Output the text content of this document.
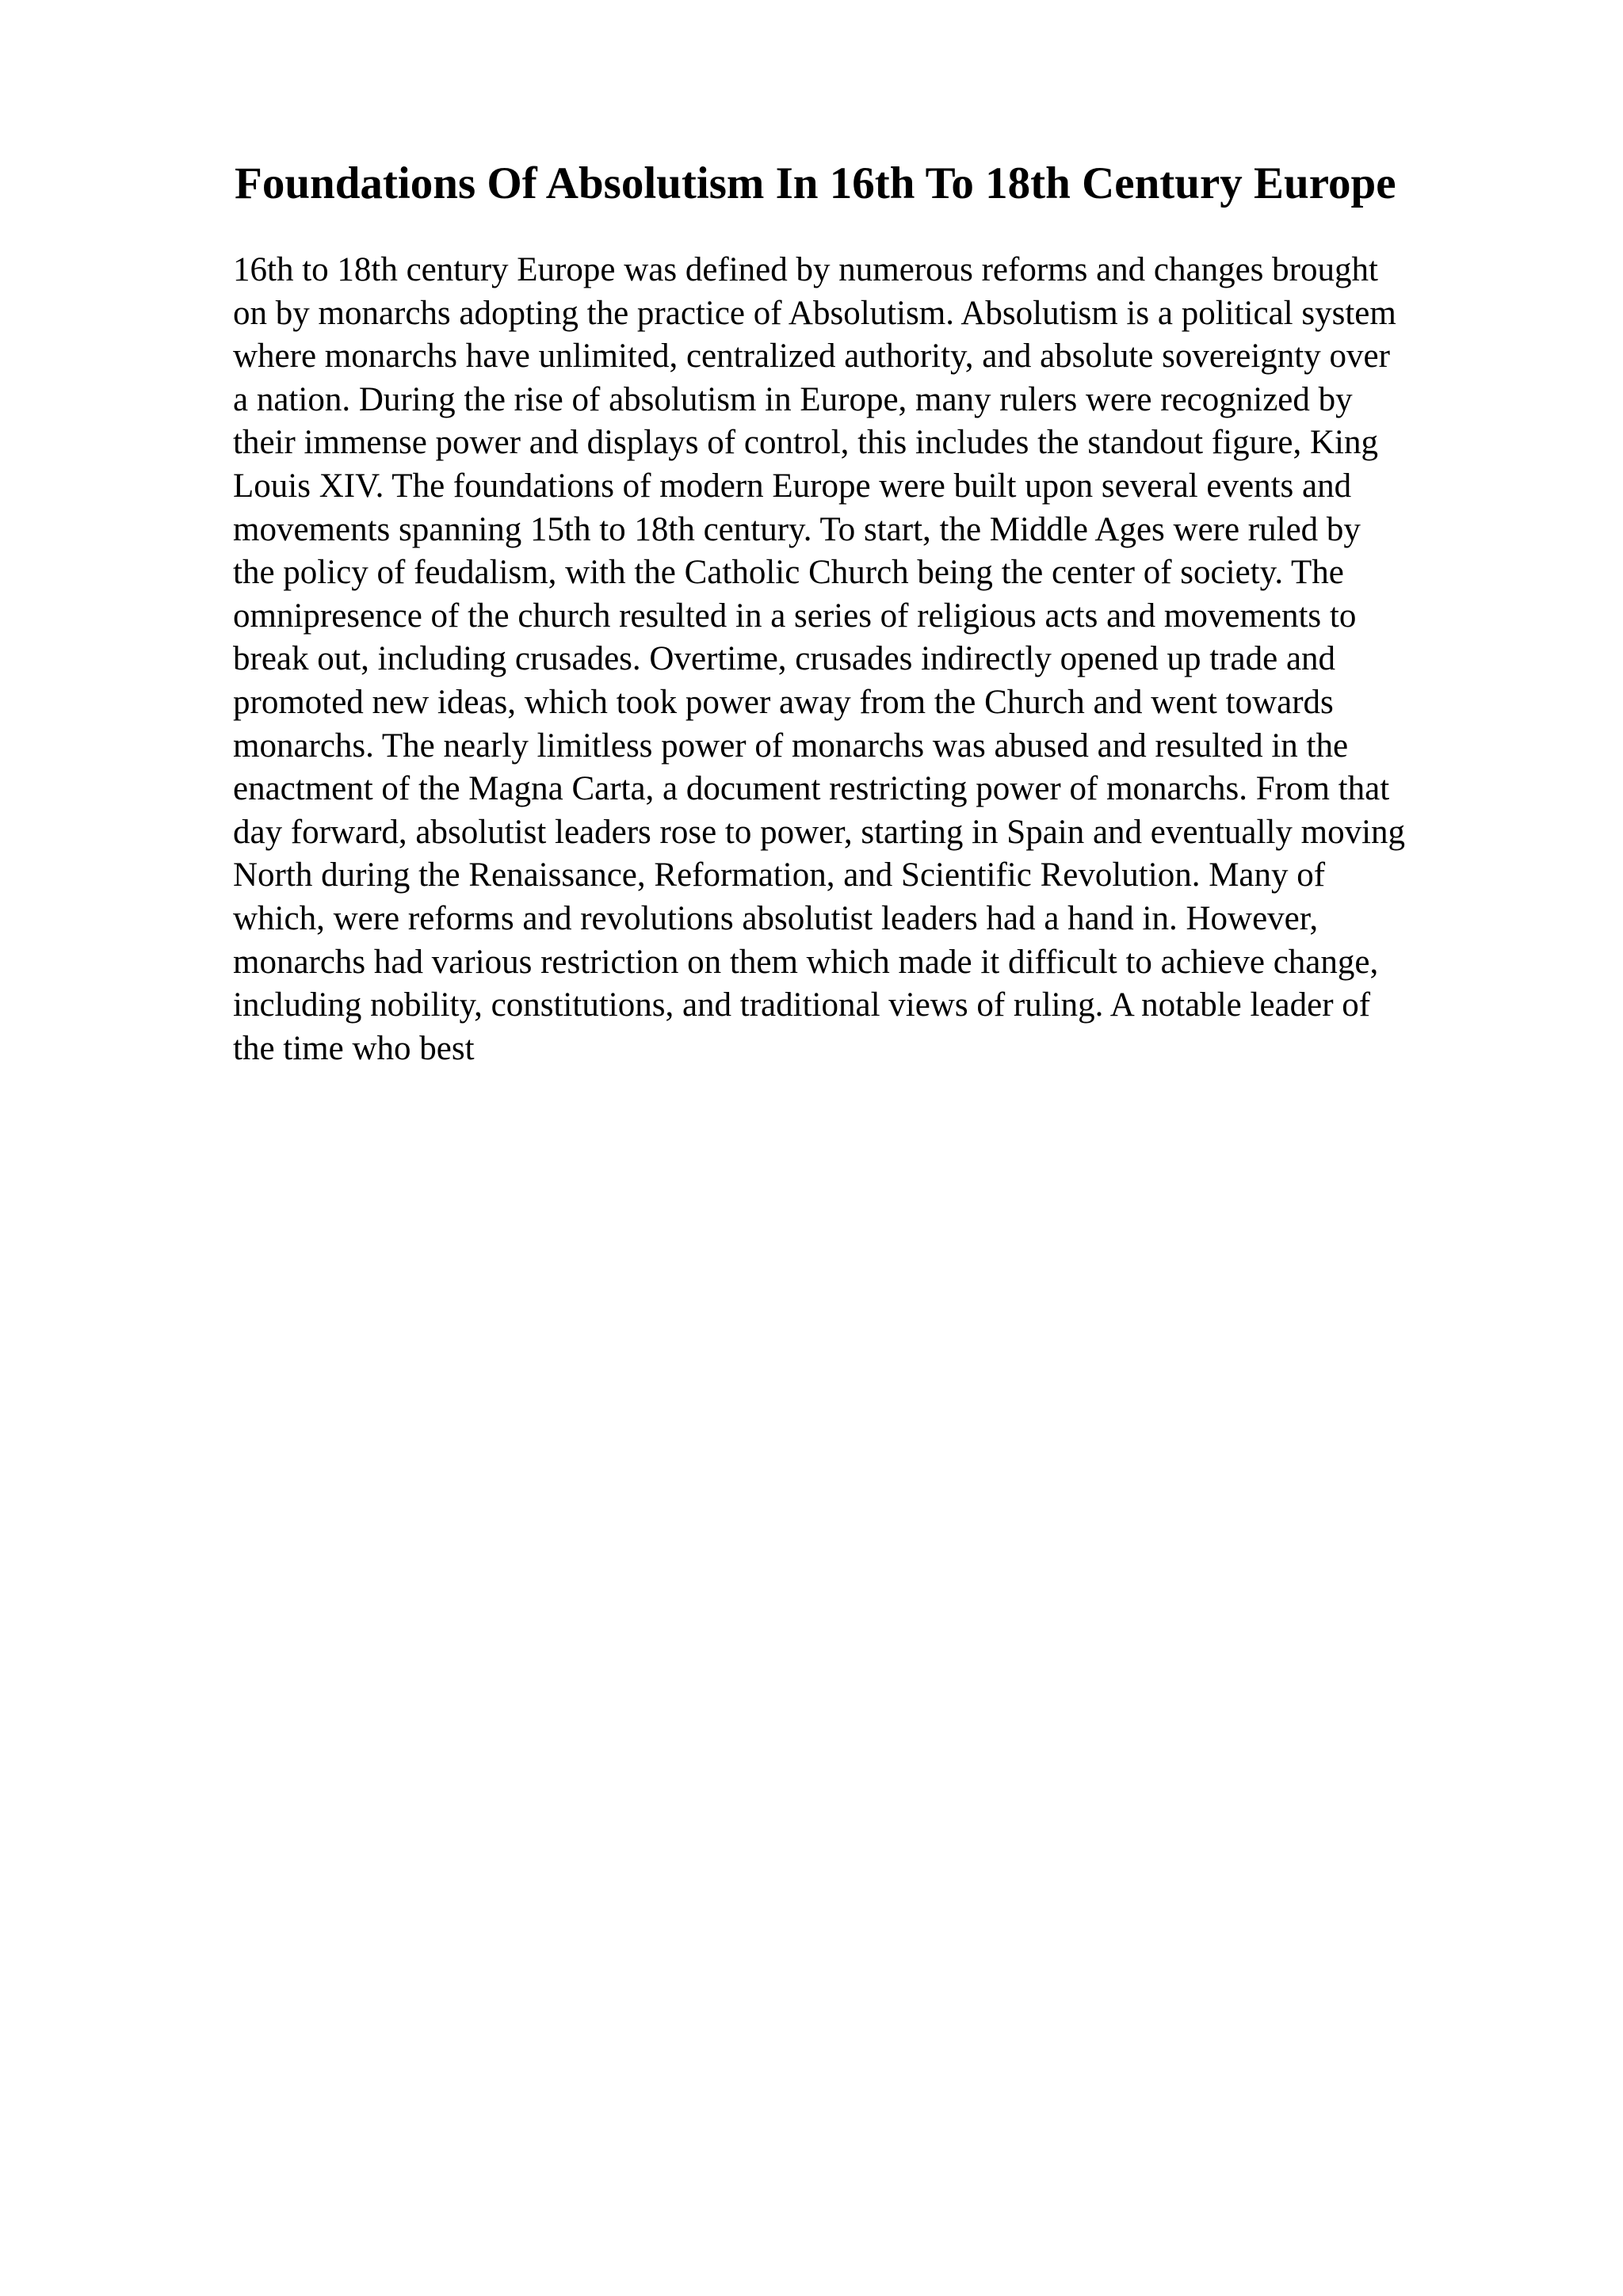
Foundations Of Absolutism In 16th To 18th Century Europe
16th to 18th century Europe was defined by numerous reforms and changes brought
on by monarchs adopting the practice of Absolutism. Absolutism is a political system
where monarchs have unlimited, centralized authority, and absolute sovereignty over
a nation. During the rise of absolutism in Europe, many rulers were recognized by
their immense power and displays of control, this includes the standout figure, King
Louis XIV. The foundations of modern Europe were built upon several events and
movements spanning 15th to 18th century. To start, the Middle Ages were ruled by
the policy of feudalism, with the Catholic Church being the center of society. The
omnipresence of the church resulted in a series of religious acts and movements to
break out, including crusades. Overtime, crusades indirectly opened up trade and
promoted new ideas, which took power away from the Church and went towards
monarchs. The nearly limitless power of monarchs was abused and resulted in the
enactment of the Magna Carta, a document restricting power of monarchs. From that
day forward, absolutist leaders rose to power, starting in Spain and eventually moving
North during the Renaissance, Reformation, and Scientific Revolution. Many of
which, were reforms and revolutions absolutist leaders had a hand in. However,
monarchs had various restriction on them which made it difficult to achieve change,
including nobility, constitutions, and traditional views of ruling. A notable leader of
the time who best
